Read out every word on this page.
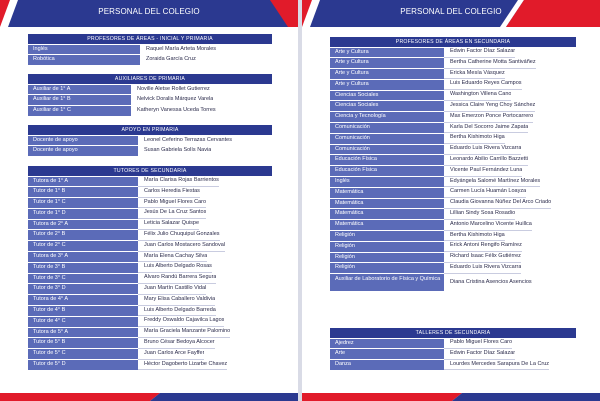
PERSONAL DEL COLEGIO
PROFESORES DE ÁREAS - INICIAL Y PRIMARIA
Inglés	Raquel María Arteta Morales
Robótica	Zoraida García Cruz
AUXILIARES DE PRIMARIA
Auxiliar de 1° A	Noville Aletse Rollet Gutierrez
Auxiliar de 1° B	Nelvick Doralis Márquez Varela
Auxiliar de 1° C	Katheryn Vanessa Uceda Torres
APOYO EN PRIMARIA
Docente de apoyo	Leonel Ceferino Terrazas Cervantes
Docente de apoyo	Susan Gabriela Solís Navia
TUTORES DE SECUNDARIA
Tutora de 1° A	María Clarisa Rojas Barrientos
Tutor de 1° B	Carlos Heredia Fiestas
Tutor de 1° C	Pablo Miguel Flores Caro
Tutor de 1° D	Jesús De La Cruz Santos
Tutora de 2° A	Leticia Salazar Quispe
Tutor de 2° B	Félix Julio Chuquipul Gonzales
Tutor de 2° C	Juan Carlos Mostacero Sandoval
Tutora de 3° A	María Elena Cachay Silva
Tutor de 3° B	Luis Alberto Delgado Rosas
Tutor de 3° C	Alvaro Randú Barrera Segura
Tutor de 3° D	Juan Martín Castillo Vidal
Tutora de 4° A	Mary Elisa Caballero Valdivia
Tutor de 4° B	Luis Alberto Delgado Barreda
Tutor de 4° C	Freddy Oswaldo Cajavilca Lagos
Tutora de 5° A	María Graciela Manzante Palomino
Tutor de 5° B	Bruno César Bedoya Alcocer
Tutor de 5° C	Juan Carlos Arce Fayffer
Tutor de 5° D	Héctor Dagoberto Lizarbe Chavez
PERSONAL DEL COLEGIO
PROFESORES DE ÁREAS EN SECUNDARIA
Arte y Cultura	Edwin Factor Díaz Salazar
Arte y Cultura	Bertha Catherine Motta Santiváñez
Arte y Cultura	Ericka Mesía Vásquez
Arte y Cultura	Luis Eduardo Reyes Campos
Ciencias Sociales	Washington Villena Cano
Ciencias Sociales	Jessica Claire Yeng Choy Sánchez
Ciencia y Tecnología	Max Emerzon Ponce Portocarrero
Comunicación	Karla Del Socorro Jaime Zapata
Comunicación	Bertha Kishimoto Higa
Comunicación	Eduardo Luis Rivera Vizcarra
Educación Física	Leonardo Abilio Carrillo Bazzetti
Educación Física	Vicente Paul Fernández Luna
Inglés	Edyángela Salomé Martínez Morales
Matemática	Carmen Lucía Huamán Loayza
Matemática	Claudia Giovanna Núñez Del Arco Criado
Matemática	Lillian Sindy Sosa Rosadio
Matemática	Antonio Marcelino Vicente Huillca
Religión	Bertha Kishimoto Higa
Religión	Erick Antoni Rengifo Ramírez
Religión	Richard Isaac Félix Gutiérrez
Religión	Eduardo Luis Rivera Vizcarra
Auxiliar de Laboratorio de Física y Química	Diana Cristina Asencios Asencios
TALLERES DE SECUNDARIA
Ajedrez	Pablo Miguel Flores Caro
Arte	Edwin Factor Díaz Salazar
Danza	Lourdes Mercedes Sarapura De La Cruz
